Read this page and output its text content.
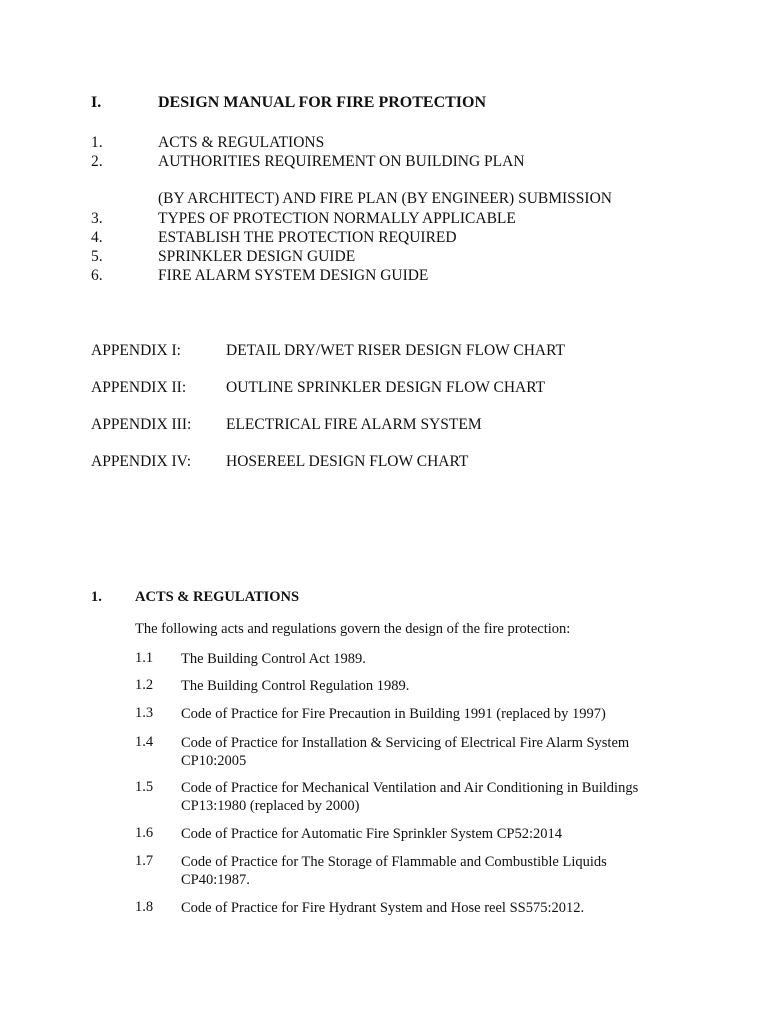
I.	DESIGN MANUAL FOR FIRE PROTECTION
1.	ACTS & REGULATIONS
2.	AUTHORITIES REQUIREMENT ON BUILDING PLAN
(BY ARCHITECT) AND FIRE PLAN (BY ENGINEER) SUBMISSION
3.	TYPES OF PROTECTION NORMALLY APPLICABLE
4.	ESTABLISH THE PROTECTION REQUIRED
5.	SPRINKLER DESIGN GUIDE
6.	FIRE ALARM SYSTEM DESIGN GUIDE
APPENDIX I:	DETAIL DRY/WET RISER DESIGN FLOW CHART
APPENDIX II:	OUTLINE SPRINKLER DESIGN FLOW CHART
APPENDIX III: ELECTRICAL FIRE ALARM SYSTEM
APPENDIX IV: HOSEREEL DESIGN FLOW CHART
1. ACTS & REGULATIONS
The following acts and regulations govern the design of the fire protection:
1.1 The Building Control Act 1989.
1.2 The Building Control Regulation 1989.
1.3 Code of Practice for Fire Precaution in Building 1991 (replaced by 1997)
1.4 Code of Practice for Installation & Servicing of Electrical Fire Alarm System
CP10:2005
1.5 Code of Practice for Mechanical Ventilation and Air Conditioning in Buildings
CP13:1980 (replaced by 2000)
1.6 Code of Practice for Automatic Fire Sprinkler System CP52:2014
1.7 Code of Practice for The Storage of Flammable and Combustible Liquids
CP40:1987.
1.8 Code of Practice for Fire Hydrant System and Hose reel SS575:2012.
